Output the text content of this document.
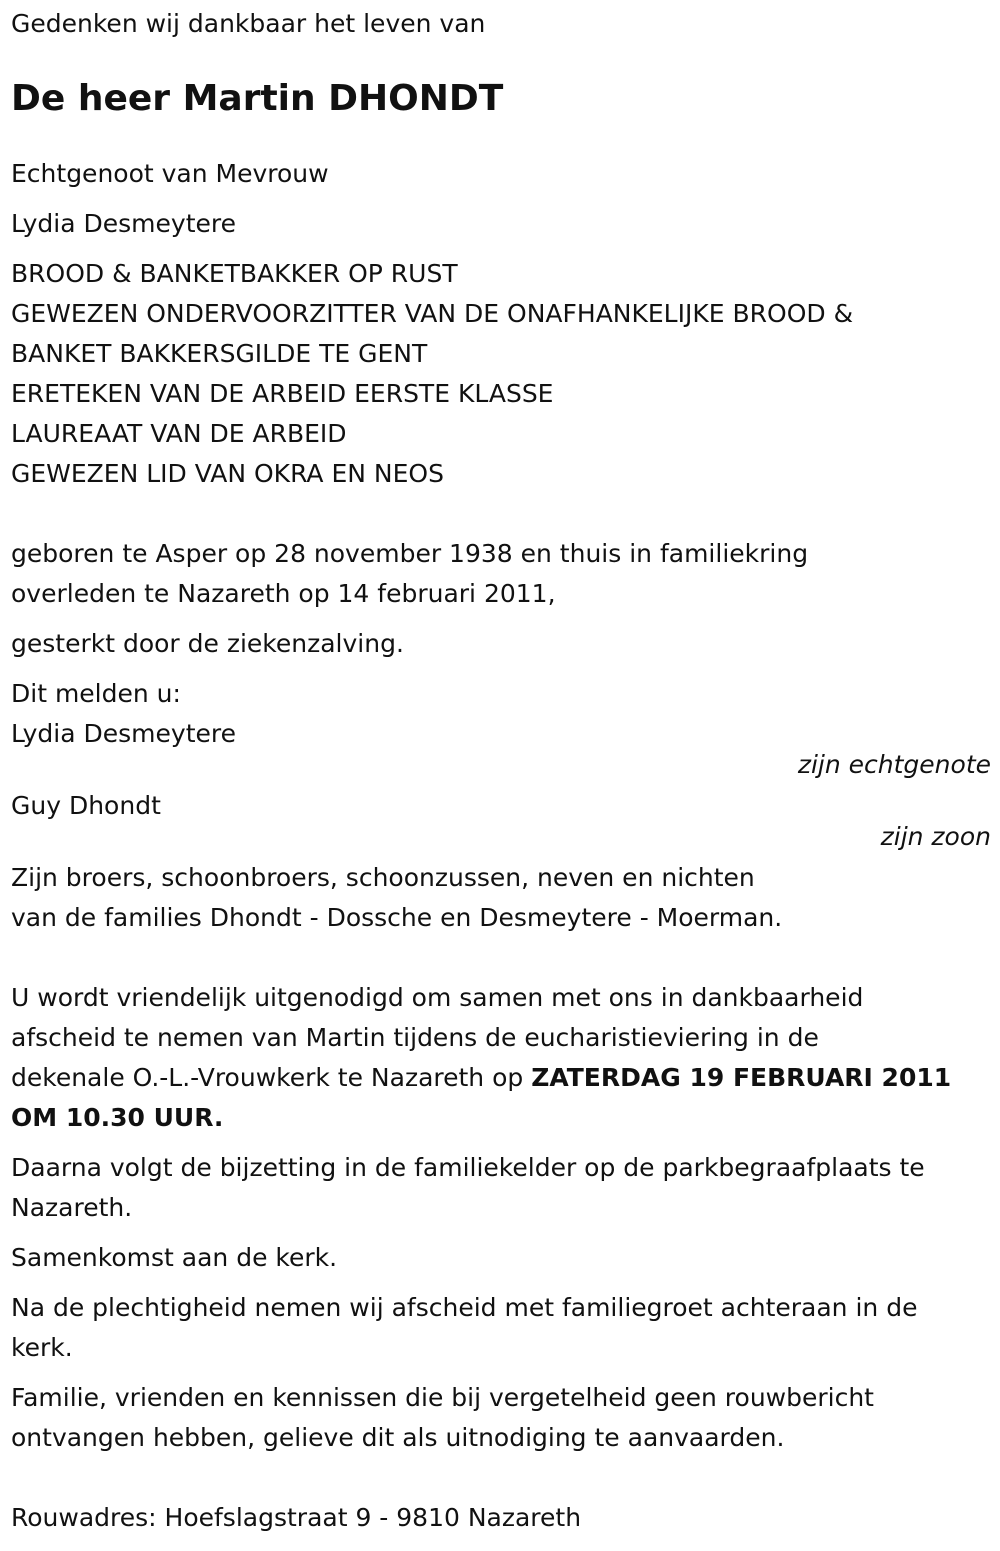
Gedenken wij dankbaar het leven van

De heer Martin DHONDT

Echtgenoot van Mevrouw

Lydia Desmeytere

BROOD & BANKETBAKKER OP RUST

GEWEZEN ONDERVOORZITTER VAN DE ONAFHANKELIJKE BROOD &

BANKET BAKKERSGILDE TE GENT

ERETEKEN VAN DE ARBEID EERSTE KLASSE

LAUREAAT VAN DE ARBEID

GEWEZEN LID VAN OKRA EN NEOS

geboren te Asper op 28 november 1938 en thuis in familiekring

overleden te Nazareth op 14 februari 2011,

gesterkt door de ziekenzalving.

Dit melden u:

Lydia Desmeytere

zijn echtgenote

Guy Dhondt

zijn zoon

Zijn broers, schoonbroers, schoonzussen, neven en nichten

van de families Dhondt - Dossche en Desmeytere - Moerman.

U wordt vriendelijk uitgenodigd om samen met ons in dankbaarheid

afscheid te nemen van Martin tijdens de eucharistieviering in de

dekenale O.-L.-Vrouwkerk te Nazareth op ZATERDAG 19 FEBRUARI 2011

OM 10.30 UUR.

Daarna volgt de bijzetting in de familiekelder op de parkbegraafplaats te

Nazareth.

Samenkomst aan de kerk.

Na de plechtigheid nemen wij afscheid met familiegroet achteraan in de

kerk.

Familie, vrienden en kennissen die bij vergetelheid geen rouwbericht

ontvangen hebben, gelieve dit als uitnodiging te aanvaarden.

Rouwadres: Hoefslagstraat 9 - 9810 Nazareth
